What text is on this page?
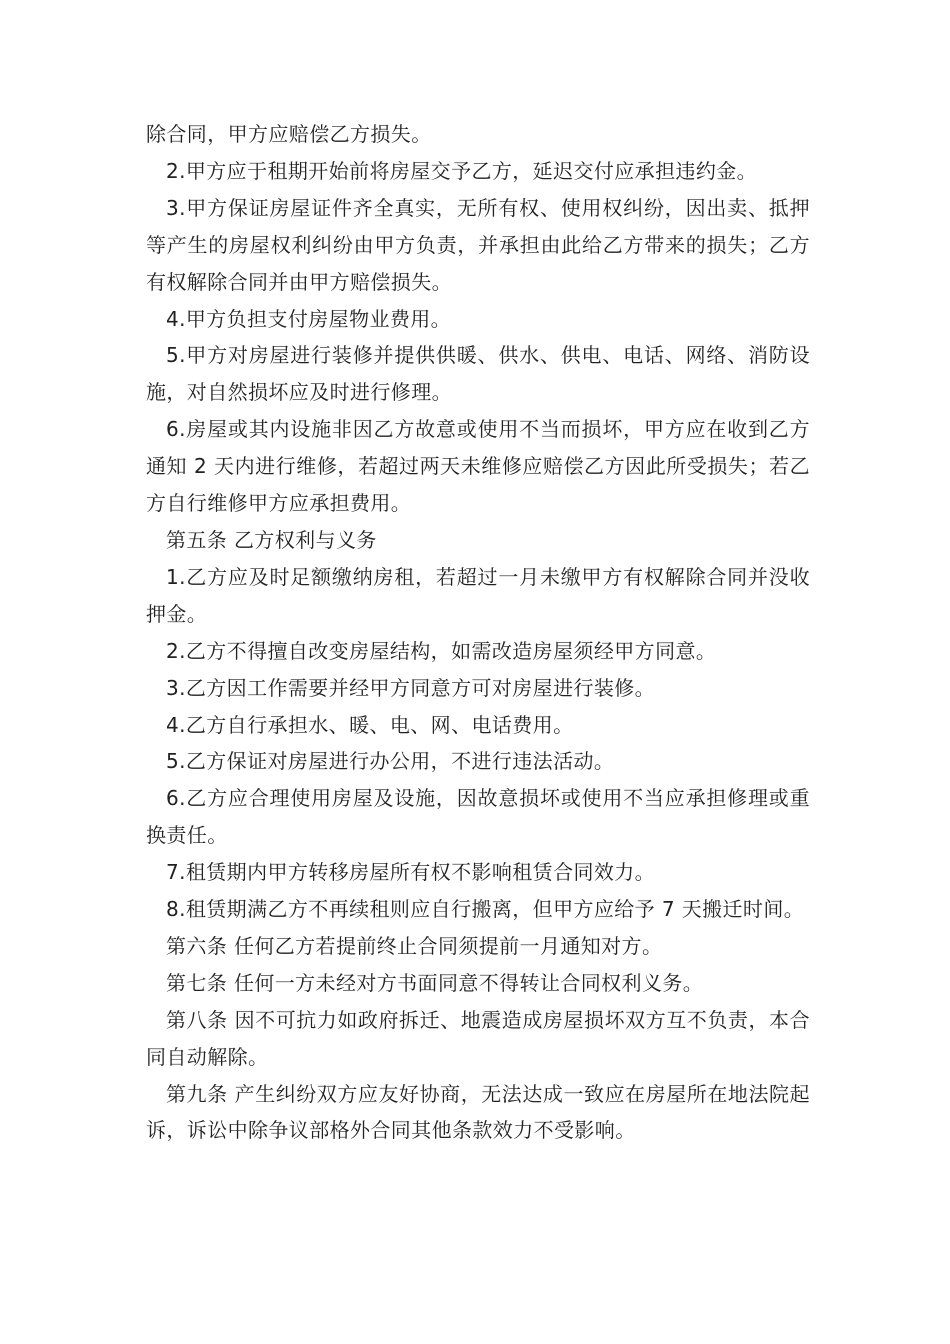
除合同，甲方应赔偿乙方损失。

2.甲方应于租期开始前将房屋交予乙方，延迟交付应承担违约金。

3.甲方保证房屋证件齐全真实，无所有权、使用权纠纷，因出卖、抵押等产生的房屋权利纠纷由甲方负责，并承担由此给乙方带来的损失；乙方有权解除合同并由甲方赔偿损失。

4.甲方负担支付房屋物业费用。

5.甲方对房屋进行装修并提供供暖、供水、供电、电话、网络、消防设施，对自然损坏应及时进行修理。

6.房屋或其内设施非因乙方故意或使用不当而损坏，甲方应在收到乙方通知 2 天内进行维修，若超过两天未维修应赔偿乙方因此所受损失；若乙方自行维修甲方应承担费用。

第五条 乙方权利与义务

1.乙方应及时足额缴纳房租，若超过一月未缴甲方有权解除合同并没收押金。

2.乙方不得擅自改变房屋结构，如需改造房屋须经甲方同意。

3.乙方因工作需要并经甲方同意方可对房屋进行装修。

4.乙方自行承担水、暖、电、网、电话费用。

5.乙方保证对房屋进行办公用，不进行违法活动。

6.乙方应合理使用房屋及设施，因故意损坏或使用不当应承担修理或重换责任。

7.租赁期内甲方转移房屋所有权不影响租赁合同效力。

8.租赁期满乙方不再续租则应自行搬离，但甲方应给予 7 天搬迁时间。

第六条 任何乙方若提前终止合同须提前一月通知对方。

第七条 任何一方未经对方书面同意不得转让合同权利义务。

第八条 因不可抗力如政府拆迁、地震造成房屋损坏双方互不负责，本合同自动解除。

第九条 产生纠纷双方应友好协商，无法达成一致应在房屋所在地法院起诉，诉讼中除争议部格外合同其他条款效力不受影响。
